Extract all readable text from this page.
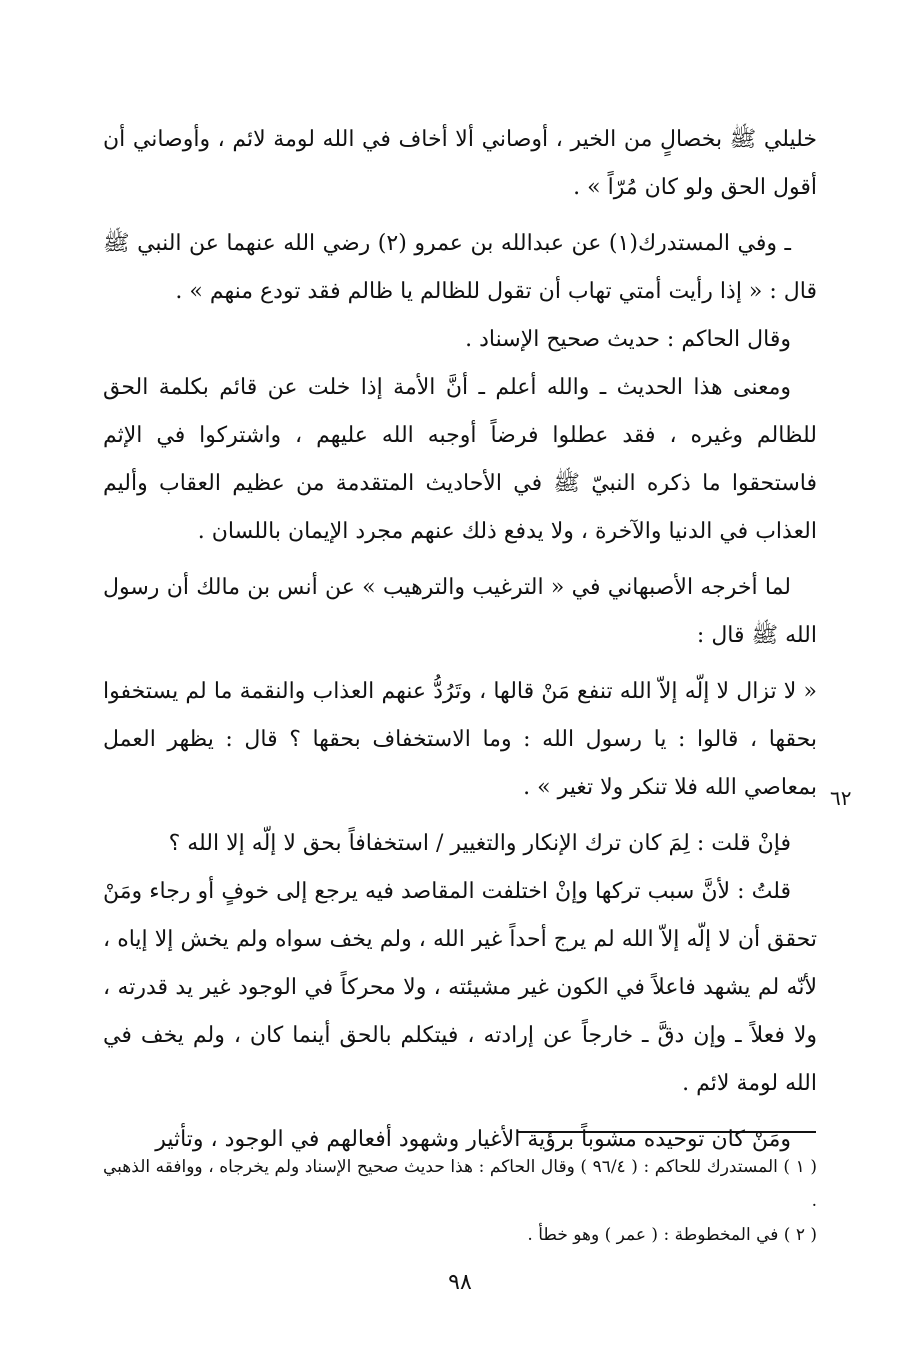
خليلي ﷺ بخصالٍ من الخير ، أوصاني ألا أخاف في الله لومة لائم ، وأوصاني أن أقول الحق ولو كان مُرّاً » .

ـ وفي المستدرك(١) عن عبدالله بن عمرو (٢) رضي الله عنهما عن النبي ﷺ قال : « إذا رأيت أمتي تهاب أن تقول للظالم يا ظالم فقد تودع منهم » .

وقال الحاكم : حديث صحيح الإسناد .

ومعنى هذا الحديث ـ والله أعلم ـ أنَّ الأمة إذا خلت عن قائم بكلمة الحق للظالم وغيره ، فقد عطلوا فرضاً أوجبه الله عليهم ، واشتركوا في الإثم فاستحقوا ما ذكره النبيّ ﷺ في الأحاديث المتقدمة من عظيم العقاب وأليم العذاب في الدنيا والآخرة ، ولا يدفع ذلك عنهم مجرد الإيمان باللسان .

لما أخرجه الأصبهاني في « الترغيب والترهيب » عن أنس بن مالك أن رسول الله ﷺ قال :

« لا تزال لا إلّه إلاّ الله تنفع مَنْ قالها ، وتَرُدُّ عنهم العذاب والنقمة ما لم يستخفوا بحقها ، قالوا : يا رسول الله : وما الاستخفاف بحقها ؟ قال : يظهر العمل بمعاصي الله فلا تنكر ولا تغير » .

فإنْ قلت : لِمَ كان ترك الإنكار والتغيير / استخفافاً بحق لا إلّه إلا الله ؟

قلتُ : لأنَّ سبب تركها وإنْ اختلفت المقاصد فيه يرجع إلى خوفٍ أو رجاء ومَنْ تحقق أن لا إلّه إلاّ الله لم يرج أحداً غير الله ، ولم يخف سواه ولم يخش إلا إياه ، لأنّه لم يشهد فاعلاً في الكون غير مشيئته ، ولا محركاً في الوجود غير يد قدرته ، ولا فعلاً ـ وإن دقَّ ـ خارجاً عن إرادته ، فيتكلم بالحق أينما كان ، ولم يخف في الله لومة لائم .

ومَنْ كان توحيده مشوباً برؤية الأغيار وشهود أفعالهم في الوجود ، وتأثير

٦٢

( ١ ) المستدرك للحاكم : ( ٩٦/٤ ) وقال الحاكم : هذا حديث صحيح الإسناد ولم يخرجاه ، ووافقه الذهبي .

( ٢ ) في المخطوطة : ( عمر ) وهو خطأ .

٩٨
